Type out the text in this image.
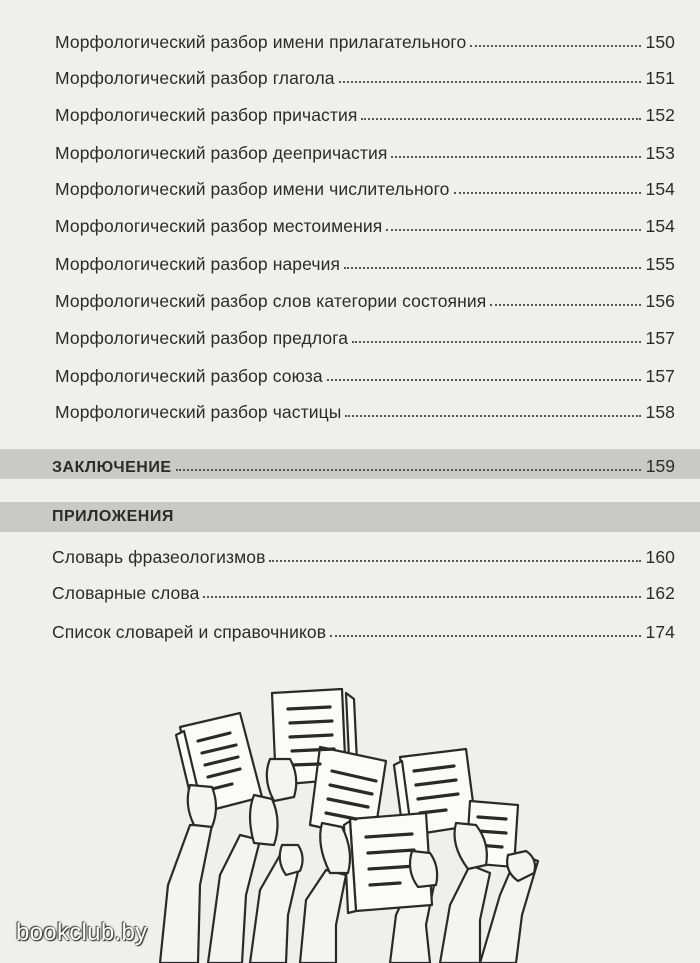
Морфологический разбор имени прилагательного	150
Морфологический разбор глагола	151
Морфологический разбор причастия	152
Морфологический разбор деепричастия	153
Морфологический разбор имени числительного	154
Морфологический разбор местоимения	154
Морфологический разбор наречия	155
Морфологический разбор слов категории состояния	156
Морфологический разбор предлога	157
Морфологический разбор союза	157
Морфологический разбор частицы	158
ЗАКЛЮЧЕНИЕ	159
ПРИЛОЖЕНИЯ
Словарь фразеологизмов	160
Словарные слова	162
Список словарей и справочников	174
bookclub.by
